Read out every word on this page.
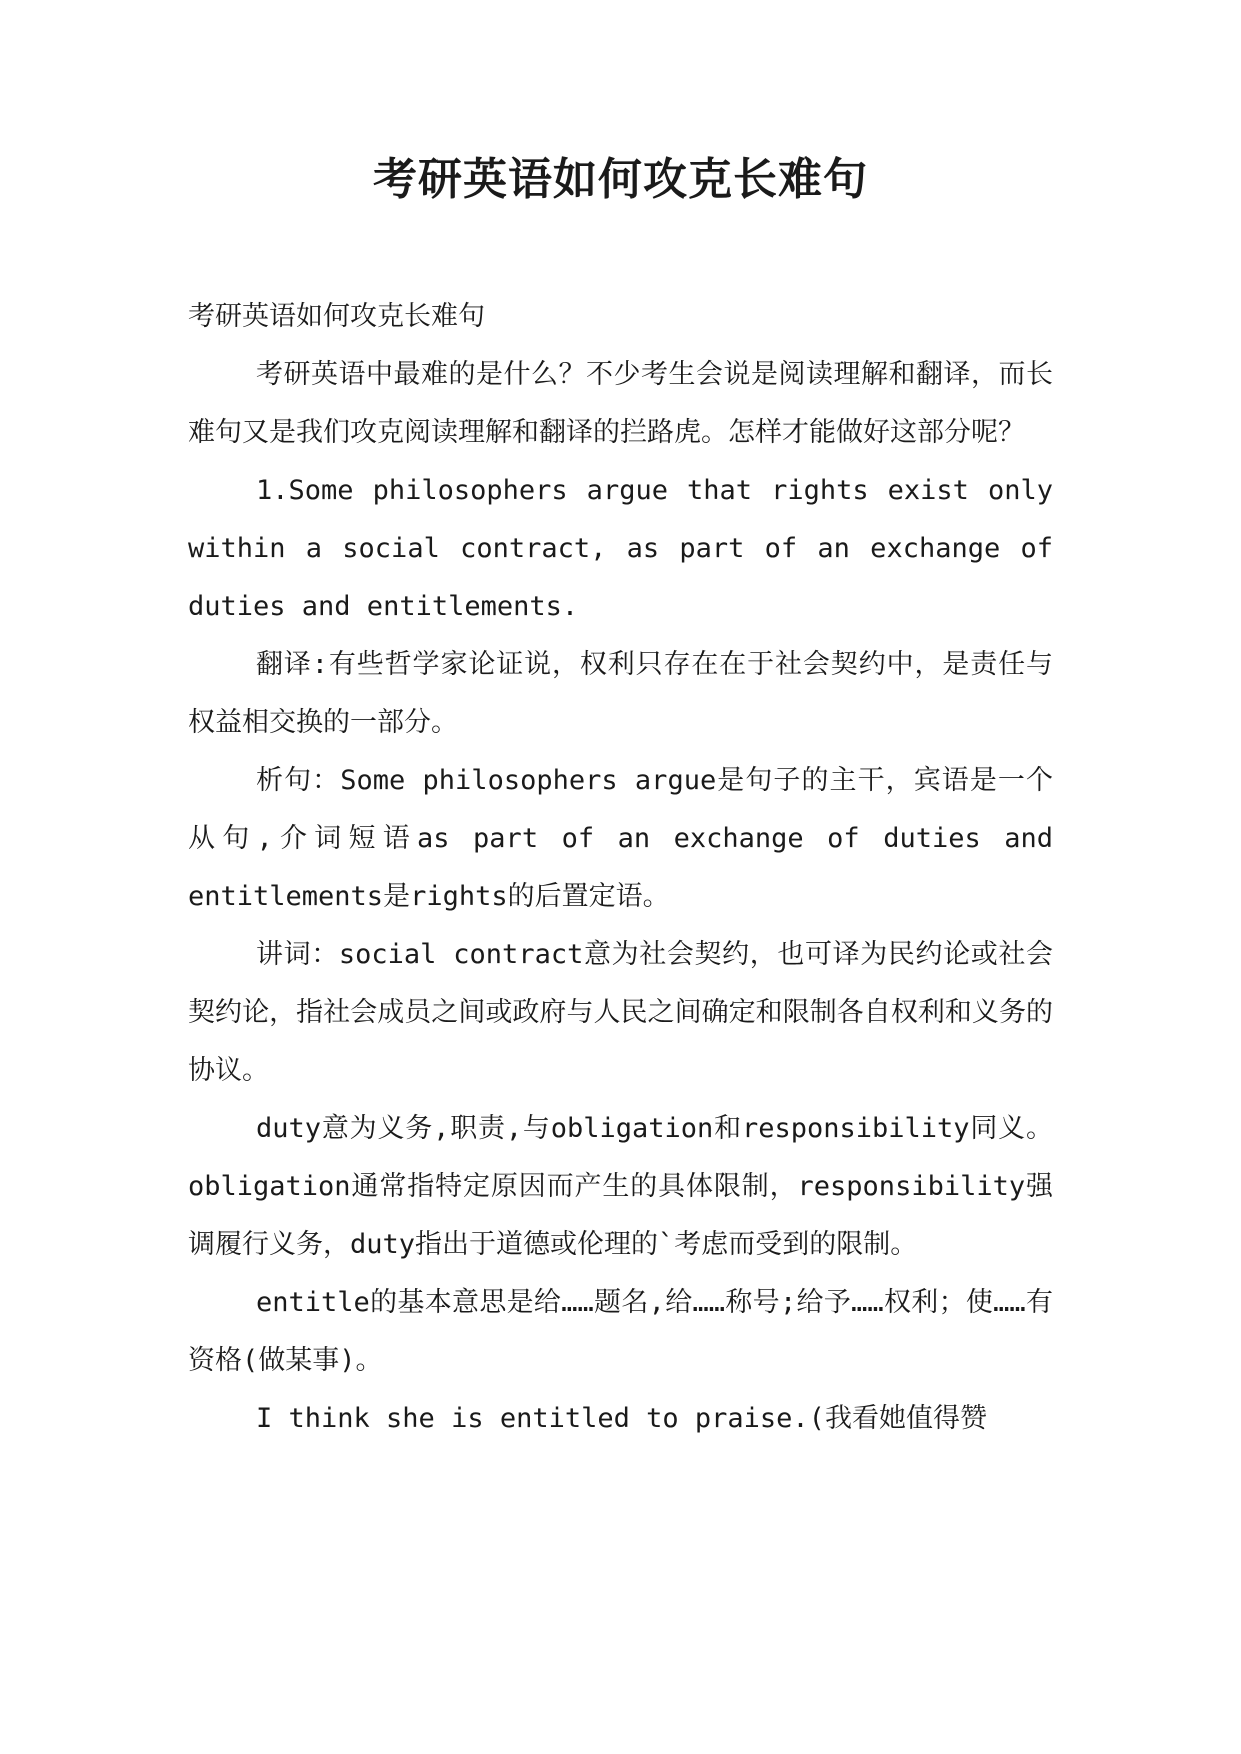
考研英语如何攻克长难句

考研英语如何攻克长难句

考研英语中最难的是什么？不少考生会说是阅读理解和翻译，而长难句又是我们攻克阅读理解和翻译的拦路虎。怎样才能做好这部分呢？

1.Some philosophers argue that rights exist only within a social contract, as part of an exchange of duties and entitlements.

翻译:有些哲学家论证说，权利只存在在于社会契约中，是责任与权益相交换的一部分。

析句：Some philosophers argue是句子的主干，宾语是一个从句,介词短语as part of an exchange of duties and entitlements是rights的后置定语。

讲词：social contract意为社会契约，也可译为民约论或社会契约论，指社会成员之间或政府与人民之间确定和限制各自权利和义务的协议。

duty意为义务,职责,与obligation和responsibility同义。obligation通常指特定原因而产生的具体限制，responsibility强调履行义务，duty指出于道德或伦理的`考虑而受到的限制。

entitle的基本意思是给……题名,给……称号;给予……权利；使……有资格(做某事)。

I think she is entitled to praise.(我看她值得赞
